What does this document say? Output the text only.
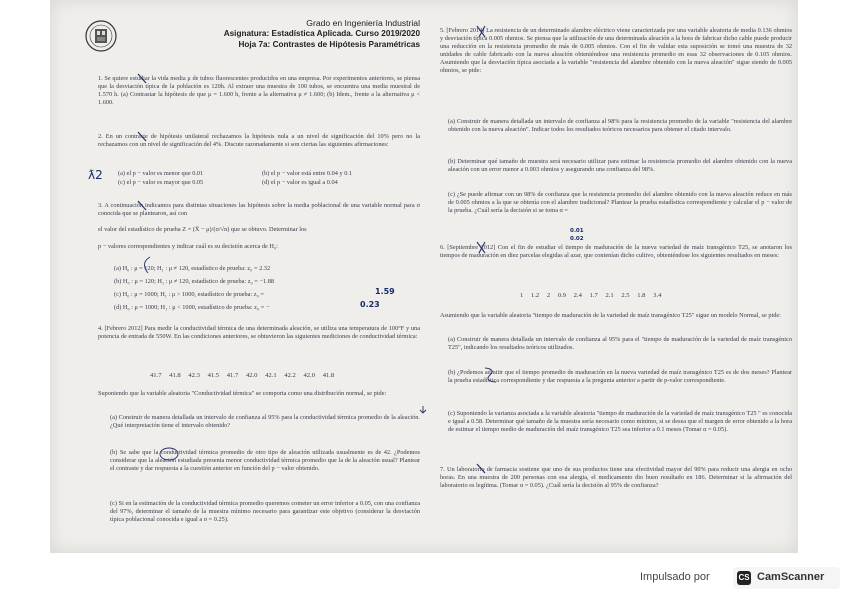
Grado en Ingeniería Industrial
Asignatura: Estadística Aplicada. Curso 2019/2020
Hoja 7a: Contrastes de Hipótesis Paramétricas
1. Se quiere estudiar la vida media μ de tubos fluorescentes producidos en una empresa. Por experimentos anteriores, se piensa que la desviación típica de la población es 120h. Al extraer una muestra de 100 tubos, se encuentra una media muestral de 1.570 h. (a) Contrastar la hipótesis de que μ = 1.600 h, frente a la alternativa μ ≠ 1.600; (b) Idem., frente a la alternativa μ < 1.600.
2. En un contraste de hipótesis unilateral rechazamos la hipótesis nula a un nivel de significación del 10% pero no la rechazamos con un nivel de significación del 4%. Discute razonadamente si son ciertas las siguientes afirmaciones:
(a) el p − valor es menor que 0.01	(b) el p − valor está entre 0.04 y 0.1
(c) el p − valor es mayor que 0.05	(d) el p − valor es igual a 0.04
3. A continuación indicamos para distintas situaciones las hipótesis sobre la media poblacional de una variable normal para σ conocida que se plantearon, así con
el valor del estadístico de prueba Z = (X̄ − μ)/(σ/√n) que se obtuvo. Determinar los
p − valores correspondientes y indicar cuál es su decisión acerca de H₀:
(a) H₀ : μ = 120; H₁ : μ ≠ 120, estadístico de prueba: z₀ = 2.32
(b) H₀ : μ = 120; H₁ : μ ≠ 120, estadístico de prueba: z₀ = −1.88
(c) H₀ : μ = 1000; H₁ : μ > 1000, estadístico de prueba: z₀ =
(d) H₀ : μ = 1000; H₁ : μ < 1000, estadístico de prueba: z₀ = −
4. [Febrero 2012] Para medir la conductividad térmica de una determinada aleación, se utiliza una temperatura de 100°F y una potencia de entrada de 550W. En las condiciones anteriores, se obtuvieron las siguientes mediciones de conductividad térmica:
41.7 41.8 42.3 41.5 41.7 42.0 42.1 42.2 42.0 41.8
Suponiendo que la variable aleatoria "Conductividad térmica" se comporta como una distribución normal, se pide:
(a) Construir de manera detallada un intervalo de confianza al 95% para la conductividad térmica promedio de la aleación. ¿Qué interpretación tiene el intervalo obtenido?
(b) Se sabe que la conductividad térmica promedio de otro tipo de aleación utilizada usualmente es de 42. ¿Podemos considerar que la aleación estudiada presenta menor conductividad térmica promedio que la de la aleación usual? Plantear el contraste y dar respuesta a la cuestión anterior en función del p − valor obtenido.
(c) Si en la estimación de la conductividad térmica promedio queremos cometer un error inferior a 0.05, con una confianza del 97%, determinar el tamaño de la muestra mínimo necesario para garantizar este objetivo (considerar la desviación típica poblacional conocida e igual a σ = 0.25).
5. [Febrero 2014] La resistencia de un determinado alambre eléctrico viene caracterizada por una variable aleatoria de media 0.136 ohmios y desviación típica 0.005 ohmios. Se piensa que la utilización de una determinada aleación a la hora de fabricar dicho cable puede producir una reducción en la resistencia promedio de más de 0.005 ohmios. Con el fin de validar esta suposición se tomó una muestra de 32 unidades de cable fabricado con la nueva aleación obteniéndose una resistencia promedio en esas 32 observaciones de 0.105 ohmios. Asumiendo que la desviación típica asociada a la variable "resistencia del alambre obtenido con la nueva aleación" sigue siendo de 0.005 ohmios, se pide:
(a) Construir de manera detallada un intervalo de confianza al 98% para la resistencia promedio de la variable "resistencia del alambre obtenido con la nueva aleación". Indicar todos los resultados teóricos necesarios para obtener el citado intervalo.
(b) Determinar qué tamaño de muestra será necesario utilizar para estimar la resistencia promedio del alambre obtenido con la nueva aleación con un error menor a 0.003 ohmios y asegurando una confianza del 98%.
(c) ¿Se puede afirmar con un 98% de confianza que la resistencia promedio del alambre obtenido con la nueva aleación reduce en más de 0.005 ohmios a la que se obtenía con el alambre tradicional? Plantear la prueba estadística correspondiente y calcular el p − valor de la prueba. ¿Cuál sería la decisión si se toma α =
6. [Septiembre 2012] Con el fin de estudiar el tiempo de maduración de la nueva variedad de maíz transgénico T25, se anotaron los tiempos de maduración en diez parcelas elegidas al azar, que contenían dicho cultivo, obteniéndose los siguientes resultados en meses:
1 1.2 2 0.9 2.4 1.7 2.1 2.5 1.8 3.4
Asumiendo que la variable aleatoria "tiempo de maduración de la variedad de maíz transgénico T25" sigue un modelo Normal, se pide:
(a) Construir de manera detallada un intervalo de confianza al 95% para el "tiempo de maduración de la variedad de maíz transgénico T25", indicando los resultados teóricos utilizados.
(b) ¿Podemos admitir que el tiempo promedio de maduración en la nueva variedad de maíz transgénico T25 es de dos meses? Plantear la prueba estadística correspondiente y dar respuesta a la pregunta anterior a partir de p-valor correspondiente.
(c) Suponiendo la varianza asociada a la variable aleatoria "tiempo de maduración de la variedad de maíz transgénico T25 " es conocida e igual a 0.58. Determinar qué tamaño de la muestra sería necesario como mínimo, si se desea que el margen de error obtenido a la hora de estimar el tiempo medio de maduración del maíz transgénico T25 sea inferior a 0.1 meses (Tomar α = 0.05).
7. Un laboratorio de farmacia sostiene que uno de sus productos tiene una efectividad mayor del 90% para reducir una alergia en ocho horas. En una muestra de 200 personas con esa alergia, el medicamento dio buen resultado en 186. Determinar si la afirmación del laboratorio es legítima. (Tomar α = 0.05). ¿Cuál sería la decisión al 95% de confianza?
1.59
0.23
0.01
0.02
ƛ2
Impulsado por	CS CamScanner
